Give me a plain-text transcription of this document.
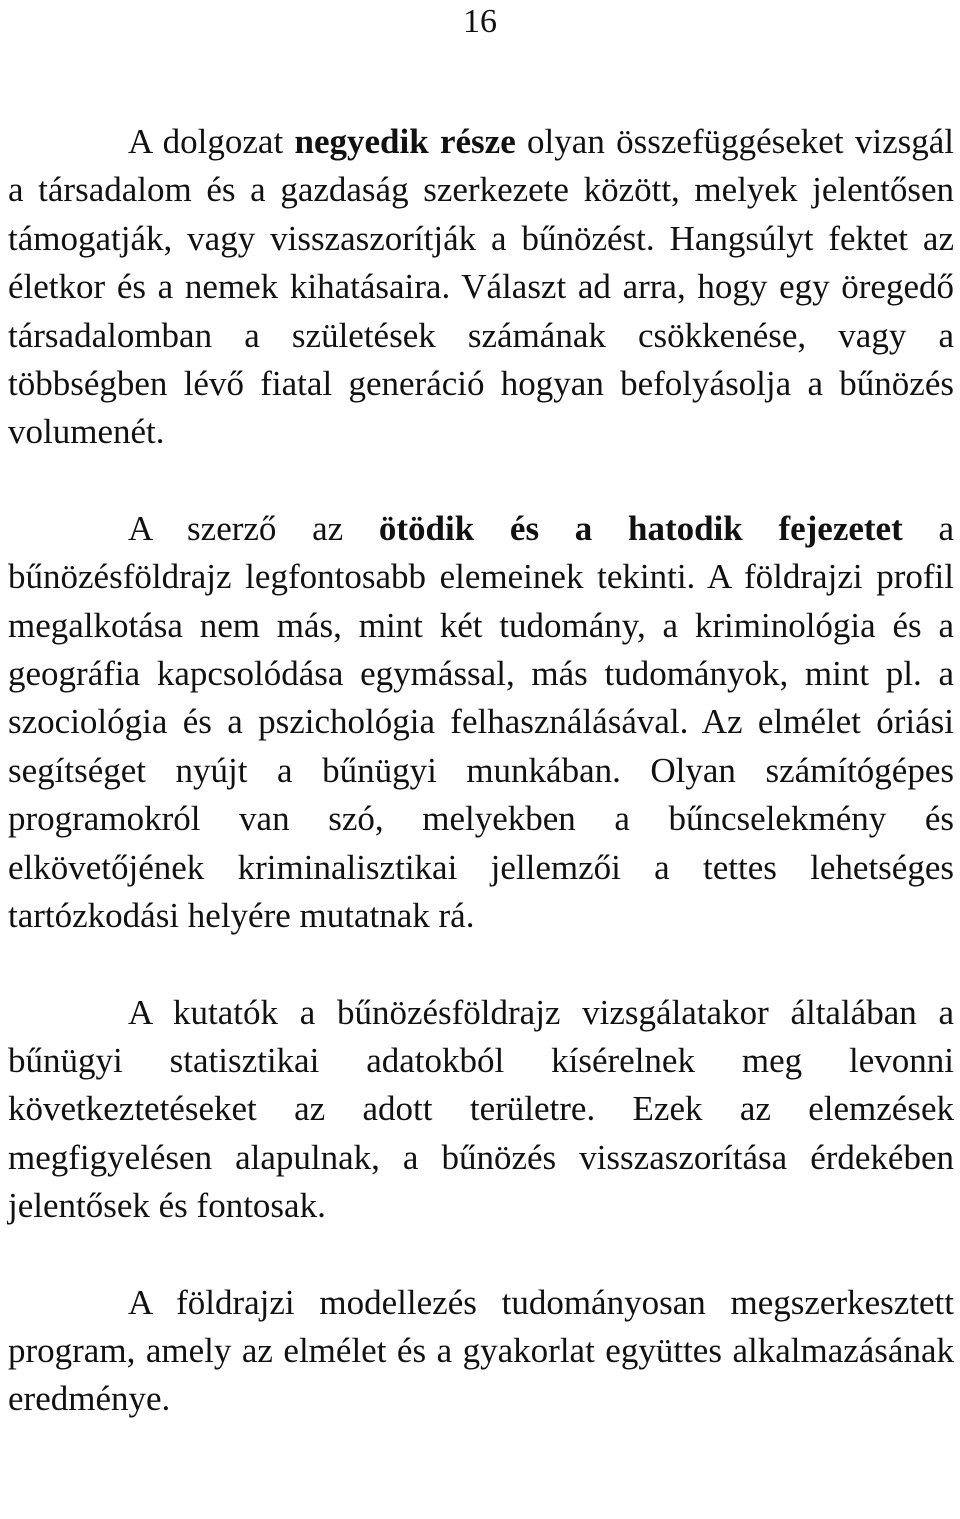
16

A dolgozat negyedik része olyan összefüggéseket vizsgál a társadalom és a gazdaság szerkezete között, melyek jelentősen támogatják, vagy visszaszorítják a bűnözést. Hangsúlyt fektet az életkor és a nemek kihatásaira. Választ ad arra, hogy egy öregedő társadalomban a születések számának csökkenése, vagy a többségben lévő fiatal generáció hogyan befolyásolja a bűnözés volumenét.

A szerző az ötödik és a hatodik fejezetet a bűnözésföldrajz legfontosabb elemeinek tekinti. A földrajzi profil megalkotása nem más, mint két tudomány, a kriminológia és a geográfia kapcsolódása egymással, más tudományok, mint pl. a szociológia és a pszichológia felhasználásával. Az elmélet óriási segítséget nyújt a bűnügyi munkában. Olyan számítógépes programokról van szó, melyekben a bűncselekmény és elkövetőjének kriminalisztikai jellemzői a tettes lehetséges tartózkodási helyére mutatnak rá.

A kutatók a bűnözésföldrajz vizsgálatakor általában a bűnügyi statisztikai adatokból kísérelnek meg levonni következtetéseket az adott területre. Ezek az elemzések megfigyelésen alapulnak, a bűnözés visszaszorítása érdekében jelentősek és fontosak.

A földrajzi modellezés tudományosan megszerkesztett program, amely az elmélet és a gyakorlat együttes alkalmazásának eredménye.
